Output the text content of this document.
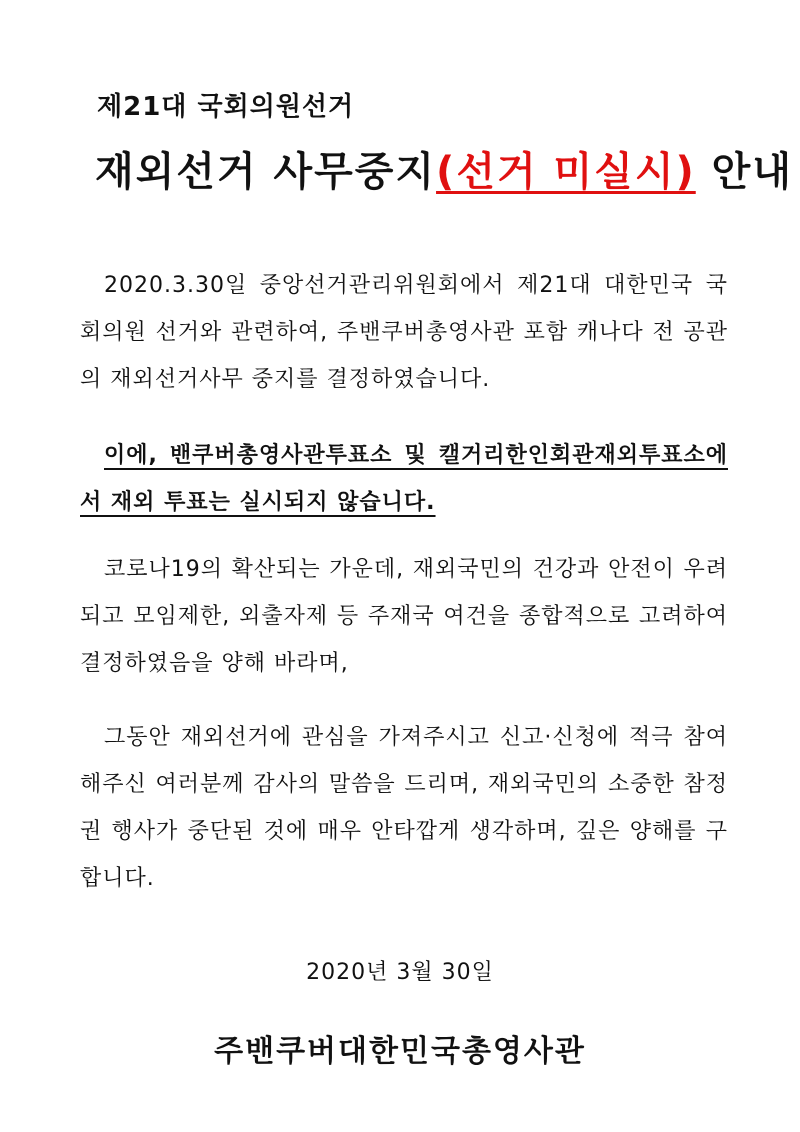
제21대 국회의원선거
재외선거 사무중지(선거 미실시) 안내
2020.3.30일 중앙선거관리위원회에서 제21대 대한민국 국회의원 선거와 관련하여, 주밴쿠버총영사관 포함 캐나다 전 공관의 재외선거사무 중지를 결정하였습니다.
이에, 밴쿠버총영사관투표소 및 캘거리한인회관재외투표소에서 재외 투표는 실시되지 않습니다.
코로나19의 확산되는 가운데, 재외국민의 건강과 안전이 우려되고 모임제한, 외출자제 등 주재국 여건을 종합적으로 고려하여 결정하였음을 양해 바라며,
그동안 재외선거에 관심을 가져주시고 신고·신청에 적극 참여해주신 여러분께 감사의 말씀을 드리며, 재외국민의 소중한 참정권 행사가 중단된 것에 매우 안타깝게 생각하며, 깊은 양해를 구합니다.
2020년 3월 30일
주밴쿠버대한민국총영사관
